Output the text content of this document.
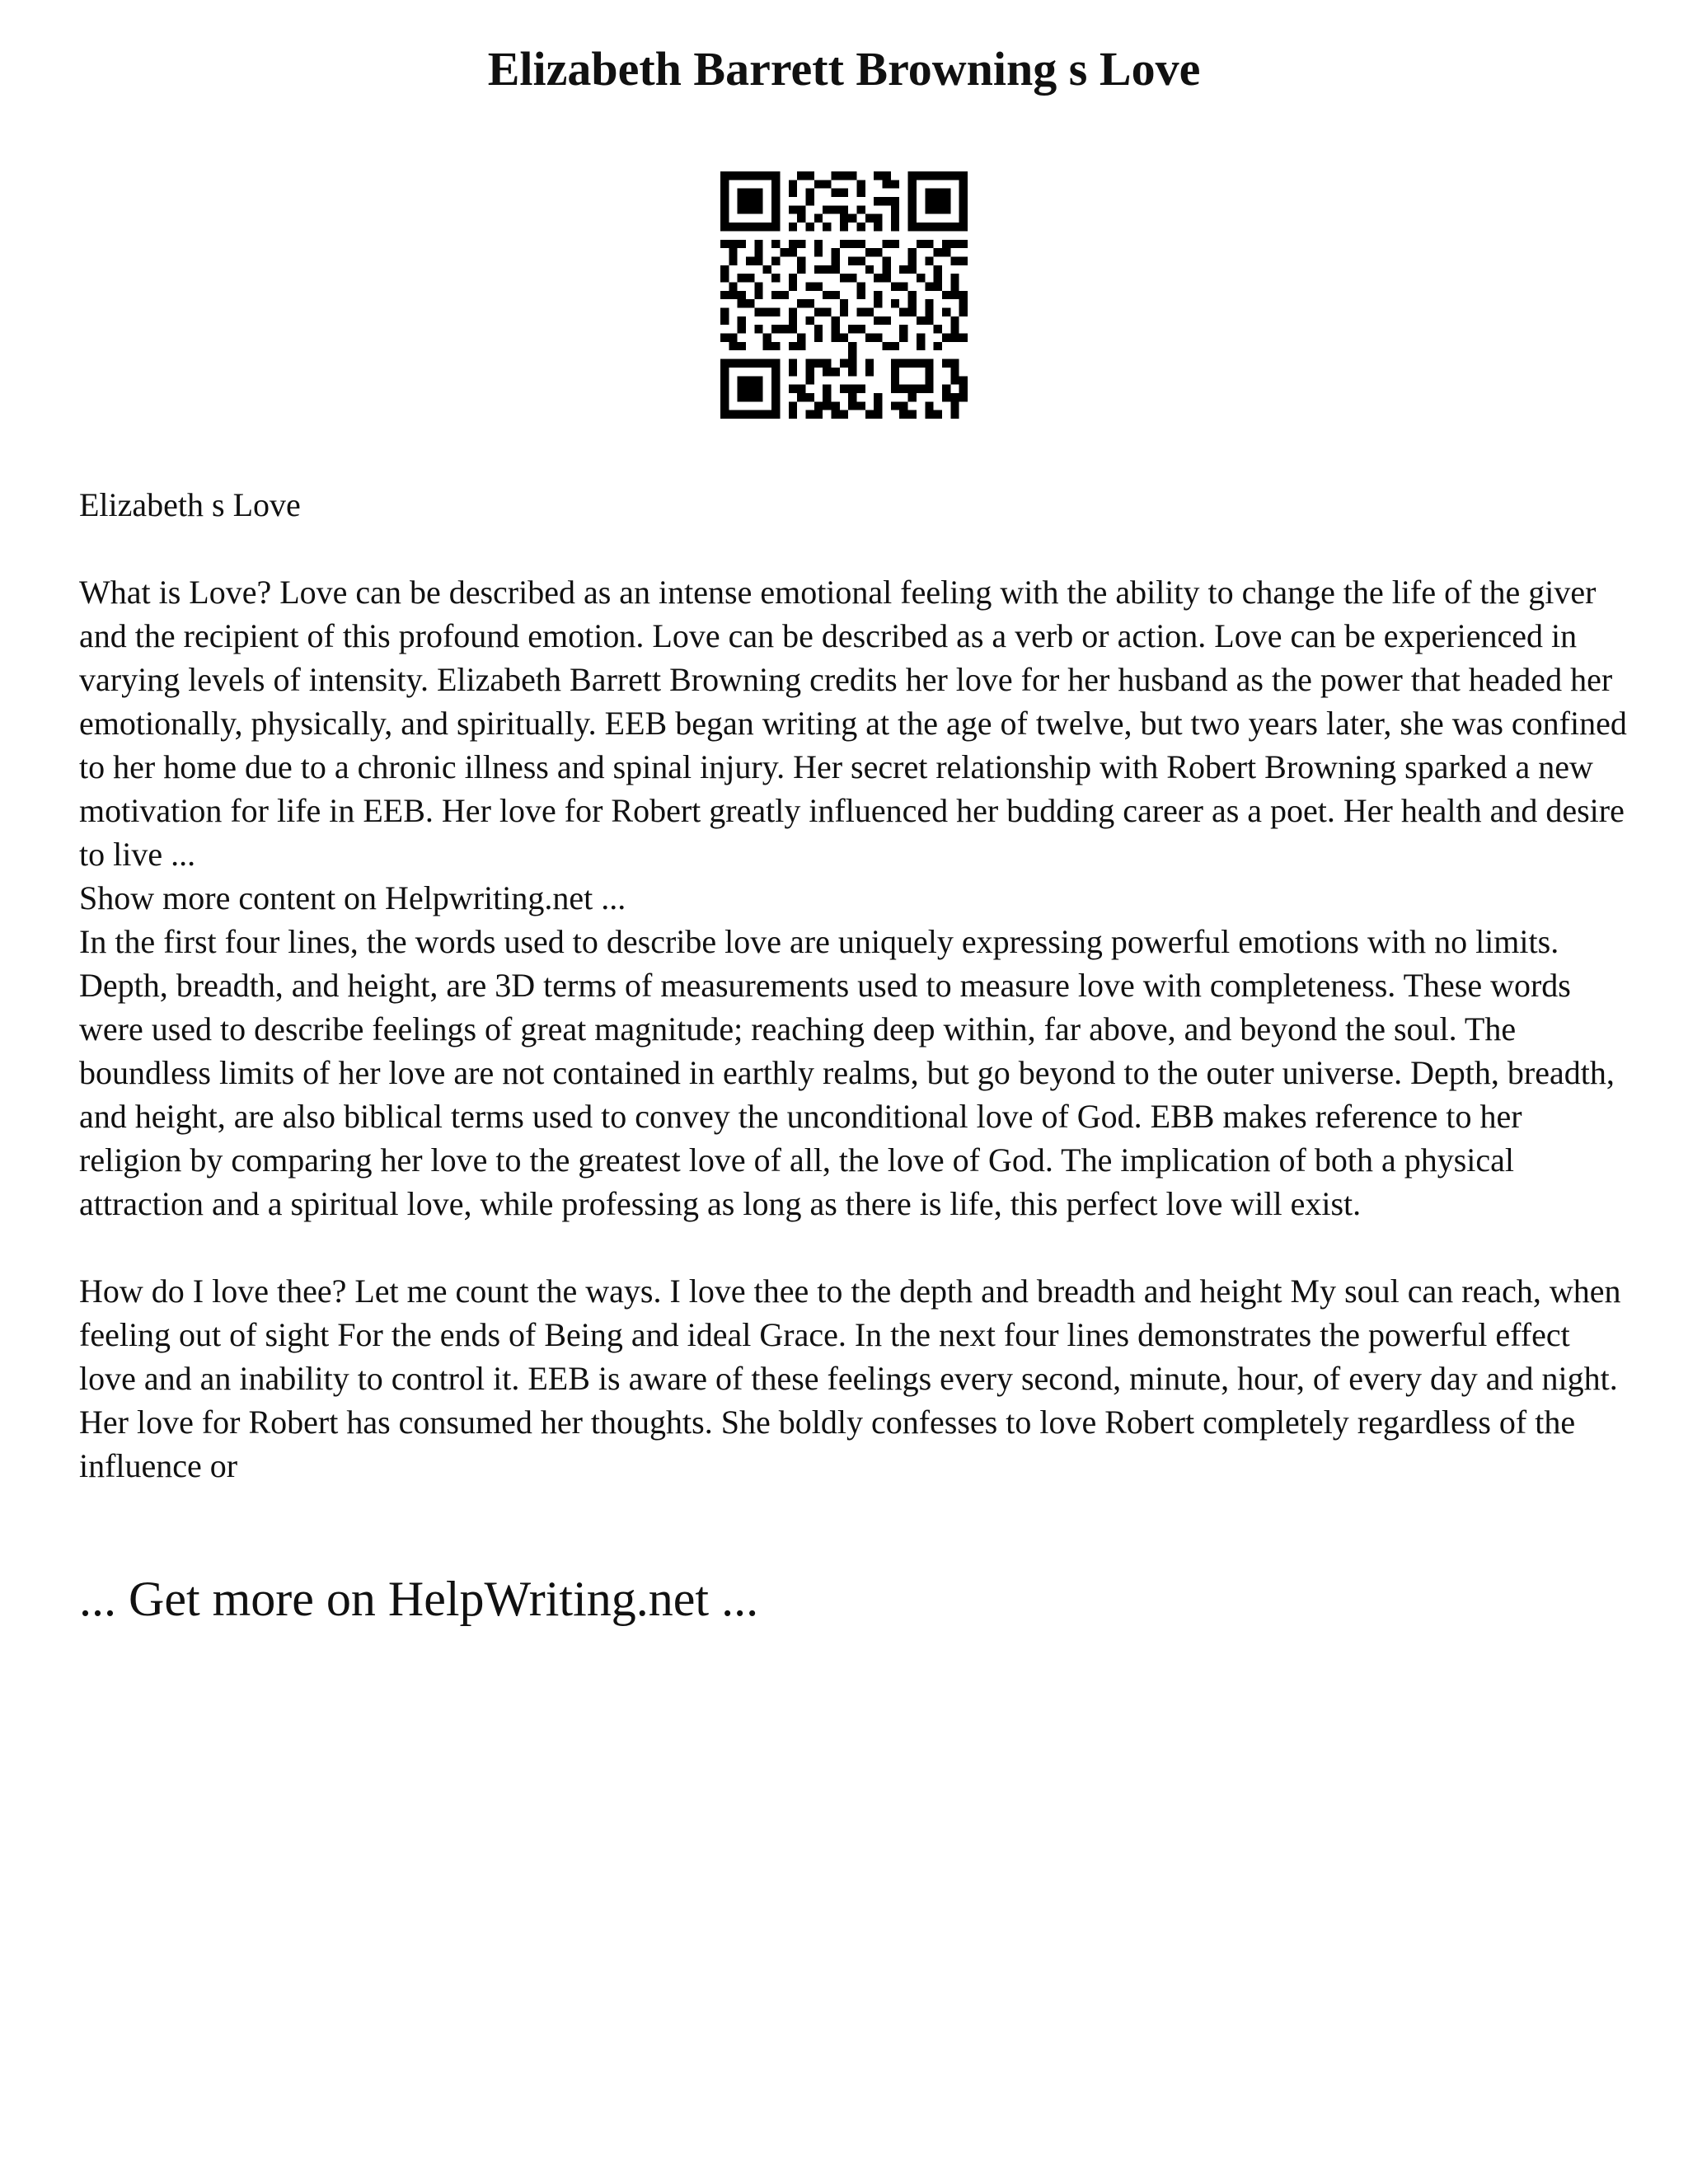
Elizabeth Barrett Browning s Love

Elizabeth s Love

What is Love? Love can be described as an intense emotional feeling with the ability to change the life of the giver and the recipient of this profound emotion. Love can be described as a verb or action. Love can be experienced in varying levels of intensity. Elizabeth Barrett Browning credits her love for her husband as the power that headed her emotionally, physically, and spiritually. EEB began writing at the age of twelve, but two years later, she was confined to her home due to a chronic illness and spinal injury. Her secret relationship with Robert Browning sparked a new motivation for life in EEB. Her love for Robert greatly influenced her budding career as a poet. Her health and desire to live ...

Show more content on Helpwriting.net ...

In the first four lines, the words used to describe love are uniquely expressing powerful emotions with no limits. Depth, breadth, and height, are 3D terms of measurements used to measure love with completeness. These words were used to describe feelings of great magnitude; reaching deep within, far above, and beyond the soul. The boundless limits of her love are not contained in earthly realms, but go beyond to the outer universe. Depth, breadth, and height, are also biblical terms used to convey the unconditional love of God. EBB makes reference to her religion by comparing her love to the greatest love of all, the love of God. The implication of both a physical attraction and a spiritual love, while professing as long as there is life, this perfect love will exist.

How do I love thee? Let me count the ways. I love thee to the depth and breadth and height My soul can reach, when feeling out of sight For the ends of Being and ideal Grace. In the next four lines demonstrates the powerful effect love and an inability to control it. EEB is aware of these feelings every second, minute, hour, of every day and night. Her love for Robert has consumed her thoughts. She boldly confesses to love Robert completely regardless of the influence or

... Get more on HelpWriting.net ...
